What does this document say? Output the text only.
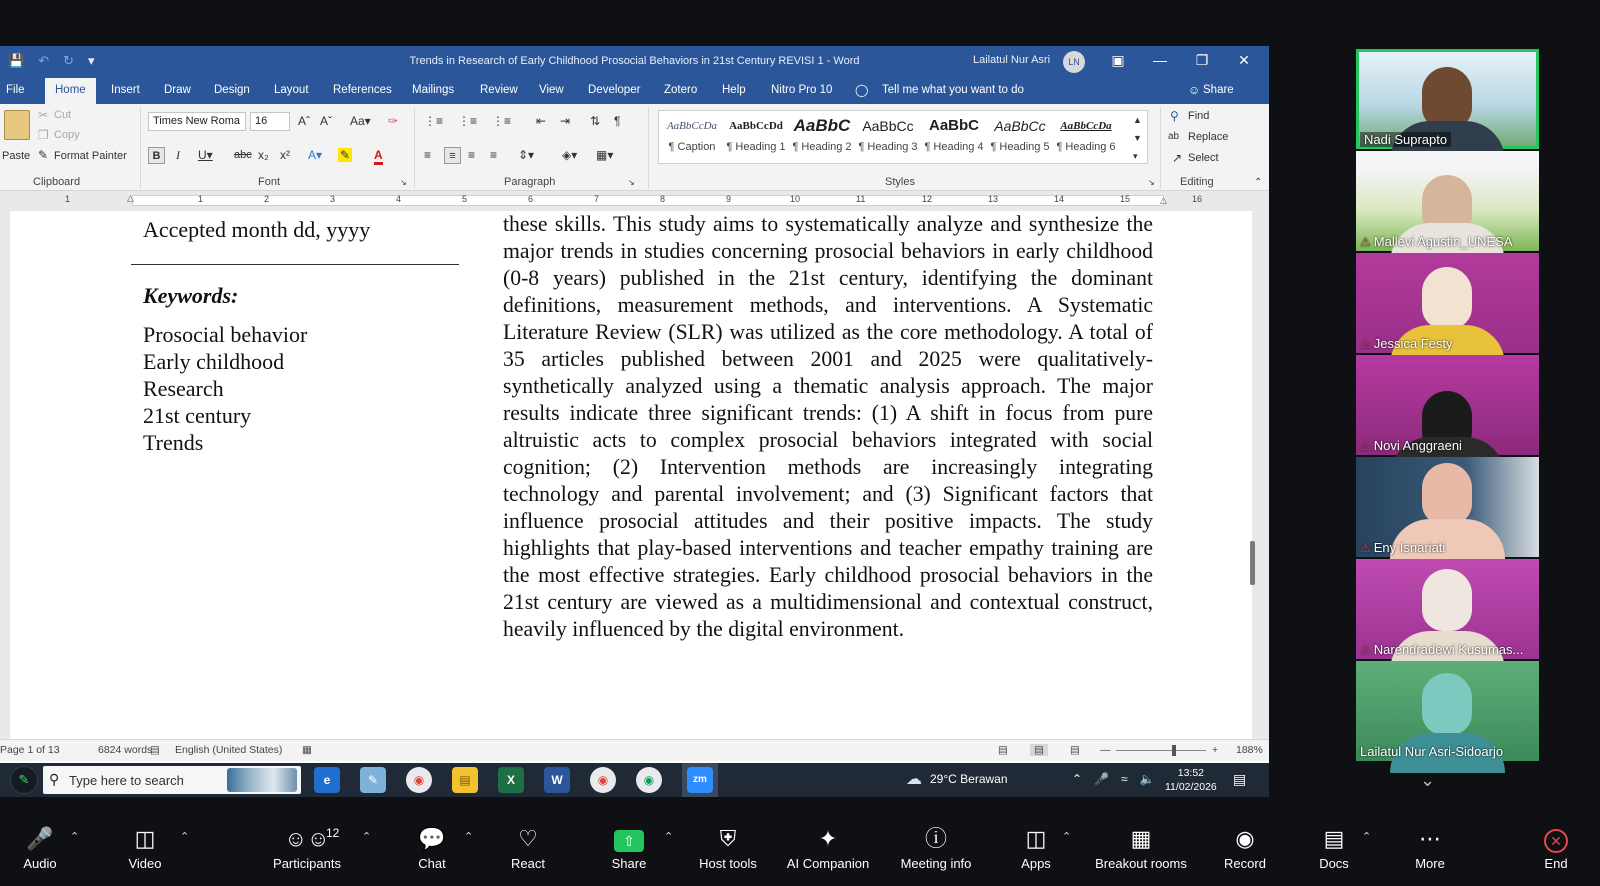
💾 ↶ ↻ ▾	Trends in Research of Early Childhood Prosocial Behaviors in 21st Century REVISI 1 - Word	Lailatul Nur Asri	LN	▣ — ❐ ✕
File	Home	Insert Draw Design Layout References Mailings Review View Developer Zotero Help Nitro Pro 10 ◯ Tell me what you want to do	Share
☺
Paste
✂ Cut
❐ Copy
✎ Format Painter
Clipboard
Times New Roma	16	Aˆ Aˇ Aa▾ ✑
B	I U▾ abc x₂ x² A▾ ✎ A
Font	↘
⋮≡ ⋮≡ ⋮≡ ⇤ ⇥ ⇅ ¶
≡	≡	≡ ≡ ⇕▾ ◈▾ ▦▾
Paragraph	↘
AaBbCcDa
¶ Caption
AaBbCcDd
¶ Heading 1
AaBbC
¶ Heading 2
AaBbCc
¶ Heading 3
AaBbC
¶ Heading 4
AaBbCc
¶ Heading 5
AaBbCcDa
¶ Heading 6
▲
▼
▾
Styles	↘
⚲ Find
ab Replace
↗ Select
Editing	⌃
1	1	2	3	4	5	6	7	8	9	10	11	12	13	14	15	16
△	△
Accepted month dd, yyyy
Keywords:
Prosocial behavior
Early childhood
Research
21st century
Trends
these skills. This study aims to systematically analyze and synthesize the major trends in studies concerning prosocial behaviors in early childhood (0-8 years) published in the 21st century, identifying the dominant definitions, measurement methods, and interventions. A Systematic Literature Review (SLR) was utilized as the core methodology. A total of 35 articles published between 2001 and 2025 were qualitatively-synthetically analyzed using a thematic analysis approach. The major results indicate three significant trends: (1) A shift in focus from pure altruistic acts to complex prosocial behaviors integrated with social cognition; (2) Intervention methods are increasingly integrating technology and parental involvement; and (3) Significant factors that influence prosocial attitudes and their positive impacts. The study highlights that play-based interventions and teacher empathy training are the most effective strategies. Early childhood prosocial behaviors in the 21st century are viewed as a multidimensional and contextual construct, heavily influenced by the digital environment.
Page 1 of 13	6824 words
▤ English (United States) ▦	▤	▤	▤ —	+ 188%
✎	⚲ Type here to search	e	✎	◉	▤	X	W	◉	◉	zm	☁ 29°C Berawan	⌃ 🎤 ≈ 🔈	13:52
11/02/2026 ▤
Nadi Suprapto
⚠ Mallevi Agustin_UNESA
⚠ Jessica Festy
⚠ Novi Anggraeni
⚠ Eny Isnariati
⚠ Narendradewi Kusumas...
Lailatul Nur Asri-Sidoarjo
⌄
🎤
Audio
⌃	◫
Video
⌃	☺☺
Participants
12 ⌃	💬
Chat
⌃	♡
React
⇧
Share
⌃	⛨
Host tools
✦
AI Companion
ⓘ
Meeting info
◫
Apps
⌃	▦
Breakout rooms
◉
Record
▤
Docs
⌃	⋯
More
✕
End
